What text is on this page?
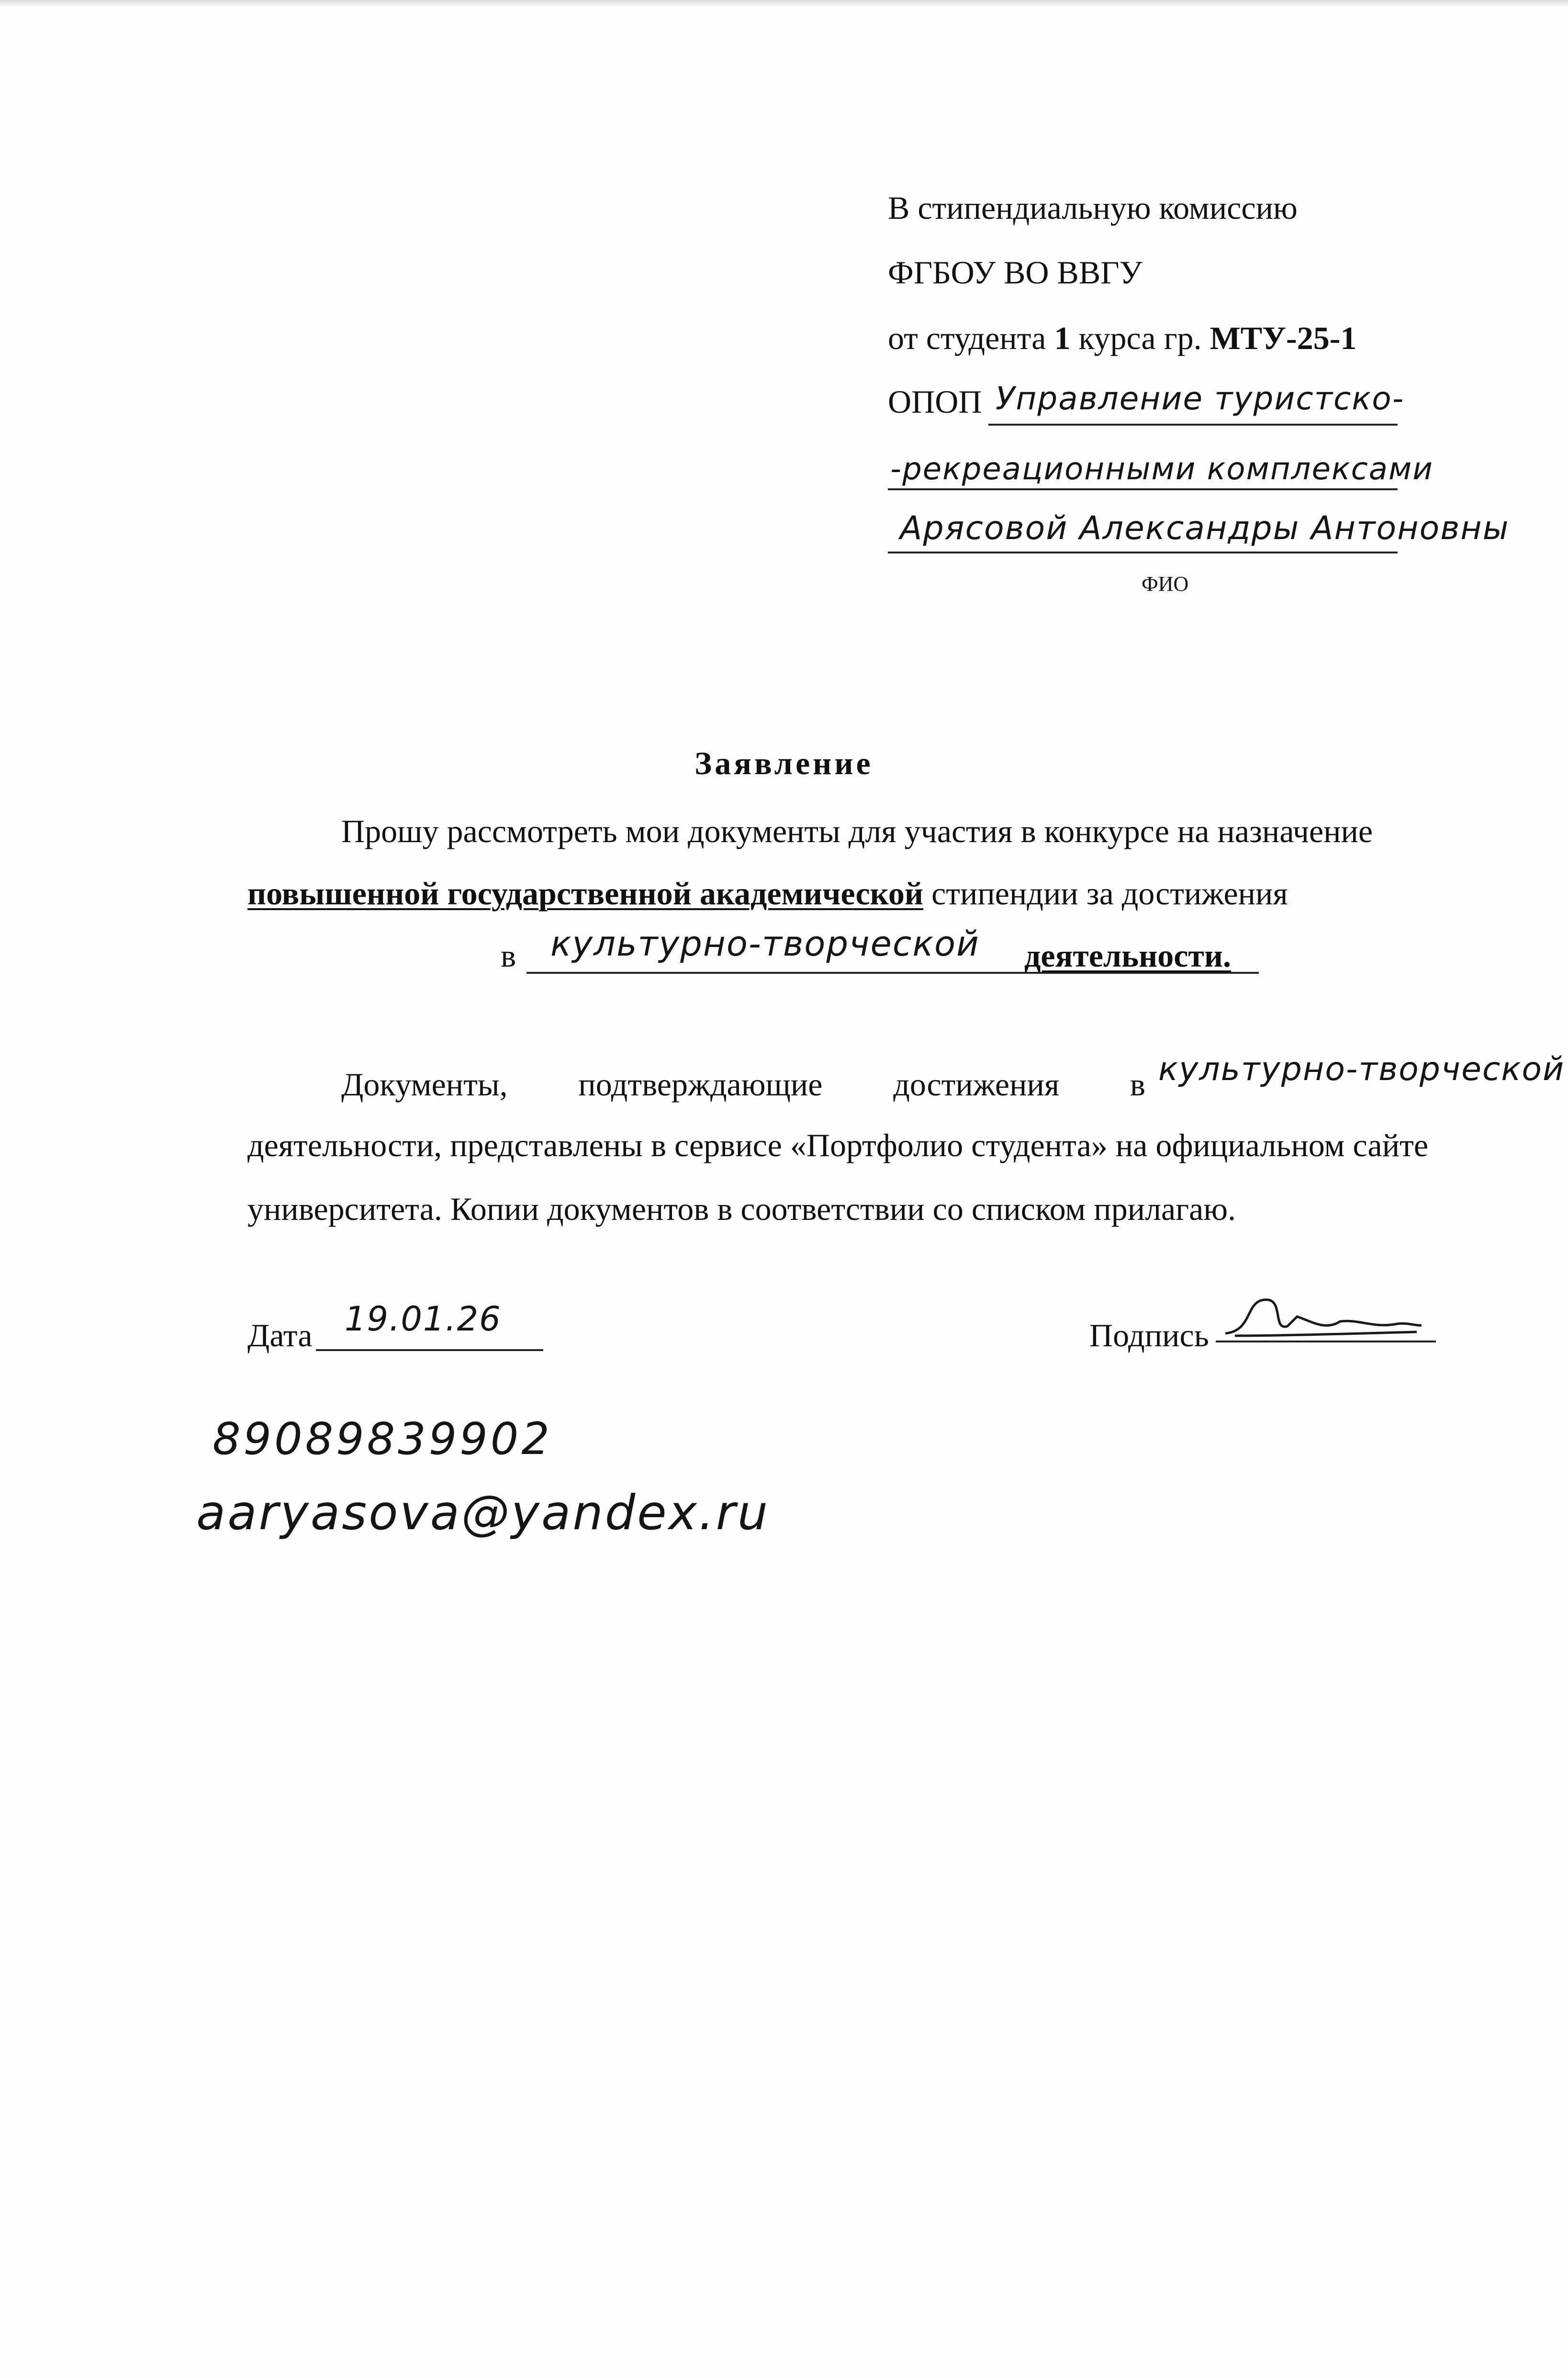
В стипендиальную комиссию
ФГБОУ ВО ВВГУ
от студента 1 курса гр. МТУ-25-1
ОПОП Управление туристско-
-рекреационными комплексами
Арясовой Александры Антоновны
ФИО
Заявление
Прошу рассмотреть мои документы для участия в конкурсе на назначение
повышенной государственной академической стипендии за достижения
в культурно-творческой деятельности.
Документы, подтверждающие достижения в культурно-творческой
деятельности, представлены в сервисе «Портфолио студента» на официальном сайте
университета. Копии документов в соответствии со списком прилагаю.
Дата 19.01.26	Подпись
89089839902
aaryasova@yandex.ru
